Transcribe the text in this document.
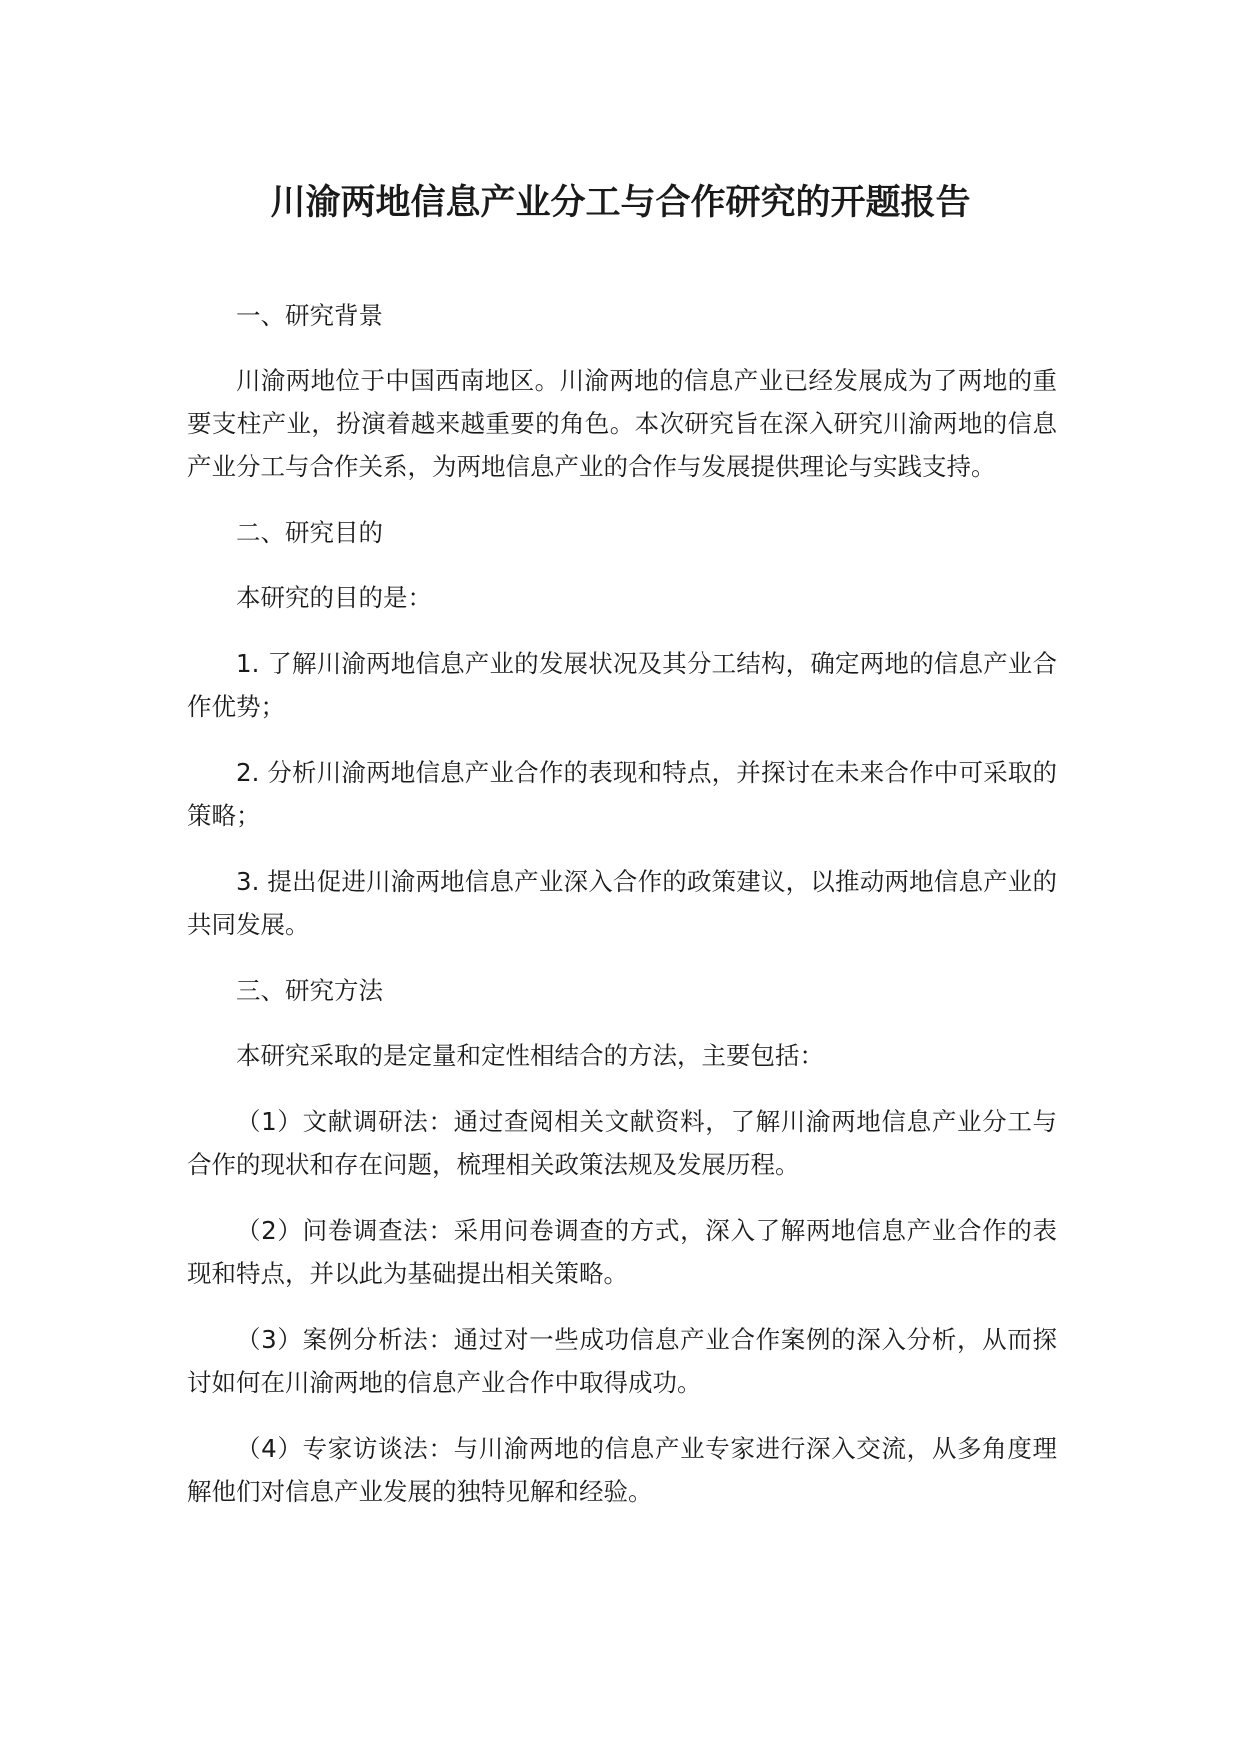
川渝两地信息产业分工与合作研究的开题报告

一、研究背景

川渝两地位于中国西南地区。川渝两地的信息产业已经发展成为了两地的重要支柱产业，扮演着越来越重要的角色。本次研究旨在深入研究川渝两地的信息产业分工与合作关系，为两地信息产业的合作与发展提供理论与实践支持。

二、研究目的

本研究的目的是：

1. 了解川渝两地信息产业的发展状况及其分工结构，确定两地的信息产业合作优势；

2. 分析川渝两地信息产业合作的表现和特点，并探讨在未来合作中可采取的策略；

3. 提出促进川渝两地信息产业深入合作的政策建议，以推动两地信息产业的共同发展。

三、研究方法

本研究采取的是定量和定性相结合的方法，主要包括：

（1）文献调研法：通过查阅相关文献资料，了解川渝两地信息产业分工与合作的现状和存在问题，梳理相关政策法规及发展历程。

（2）问卷调查法：采用问卷调查的方式，深入了解两地信息产业合作的表现和特点，并以此为基础提出相关策略。

（3）案例分析法：通过对一些成功信息产业合作案例的深入分析，从而探讨如何在川渝两地的信息产业合作中取得成功。

（4）专家访谈法：与川渝两地的信息产业专家进行深入交流，从多角度理解他们对信息产业发展的独特见解和经验。
